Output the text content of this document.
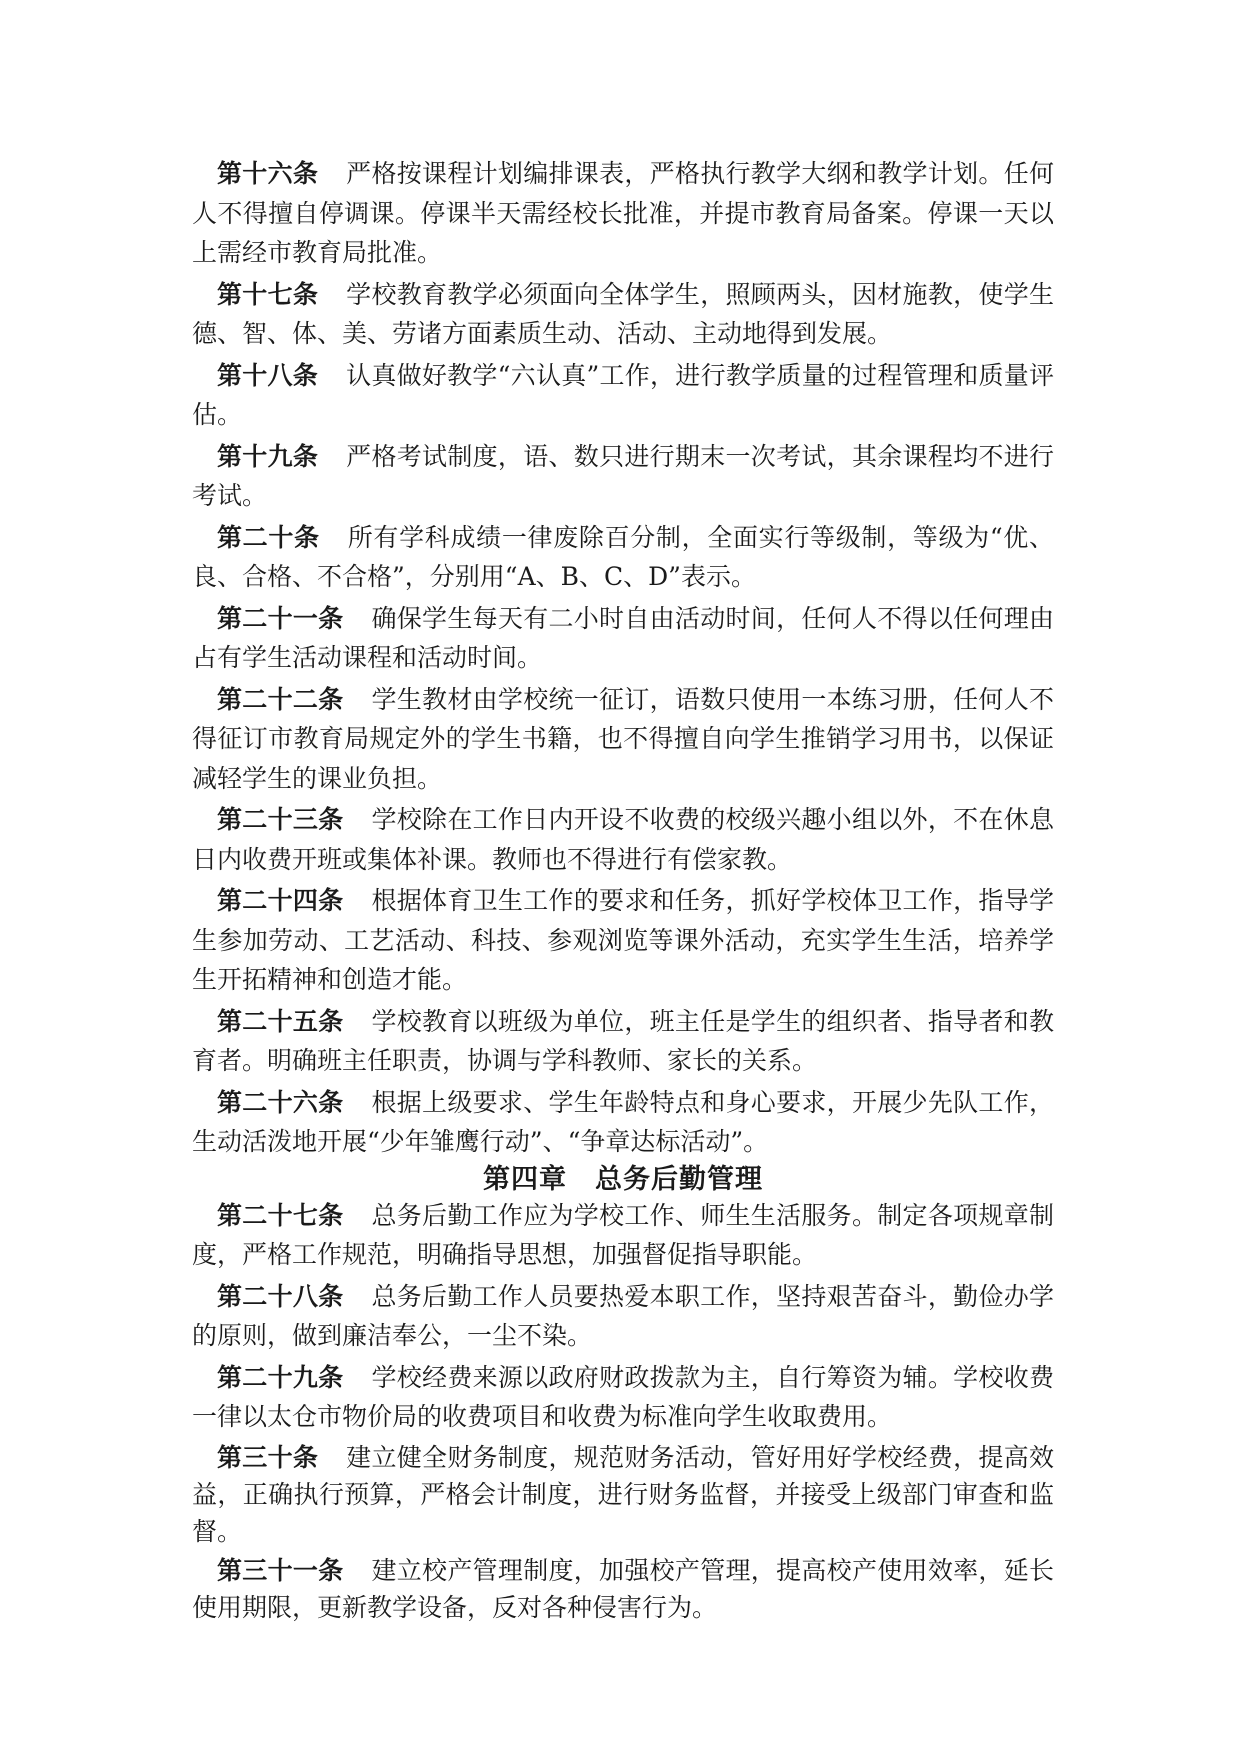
第十六条 严格按课程计划编排课表，严格执行教学大纲和教学计划。任何人不得擅自停调课。停课半天需经校长批准，并提市教育局备案。停课一天以上需经市教育局批准。

第十七条 学校教育教学必须面向全体学生，照顾两头，因材施教，使学生德、智、体、美、劳诸方面素质生动、活动、主动地得到发展。

第十八条 认真做好教学“六认真”工作，进行教学质量的过程管理和质量评估。

第十九条 严格考试制度，语、数只进行期末一次考试，其余课程均不进行考试。

第二十条 所有学科成绩一律废除百分制，全面实行等级制，等级为“优、良、合格、不合格”，分别用“A、B、C、D”表示。

第二十一条 确保学生每天有二小时自由活动时间，任何人不得以任何理由占有学生活动课程和活动时间。

第二十二条 学生教材由学校统一征订，语数只使用一本练习册，任何人不得征订市教育局规定外的学生书籍，也不得擅自向学生推销学习用书，以保证减轻学生的课业负担。

第二十三条 学校除在工作日内开设不收费的校级兴趣小组以外，不在休息日内收费开班或集体补课。教师也不得进行有偿家教。

第二十四条 根据体育卫生工作的要求和任务，抓好学校体卫工作，指导学生参加劳动、工艺活动、科技、参观浏览等课外活动，充实学生生活，培养学生开拓精神和创造才能。

第二十五条 学校教育以班级为单位，班主任是学生的组织者、指导者和教育者。明确班主任职责，协调与学科教师、家长的关系。

第二十六条 根据上级要求、学生年龄特点和身心要求，开展少先队工作，生动活泼地开展“少年雏鹰行动”、“争章达标活动”。

第四章 总务后勤管理

第二十七条 总务后勤工作应为学校工作、师生生活服务。制定各项规章制度，严格工作规范，明确指导思想，加强督促指导职能。

第二十八条 总务后勤工作人员要热爱本职工作，坚持艰苦奋斗，勤俭办学的原则，做到廉洁奉公，一尘不染。

第二十九条 学校经费来源以政府财政拨款为主，自行筹资为辅。学校收费一律以太仓市物价局的收费项目和收费为标准向学生收取费用。

第三十条 建立健全财务制度，规范财务活动，管好用好学校经费，提高效益，正确执行预算，严格会计制度，进行财务监督，并接受上级部门审查和监督。

第三十一条 建立校产管理制度，加强校产管理，提高校产使用效率，延长使用期限，更新教学设备，反对各种侵害行为。
